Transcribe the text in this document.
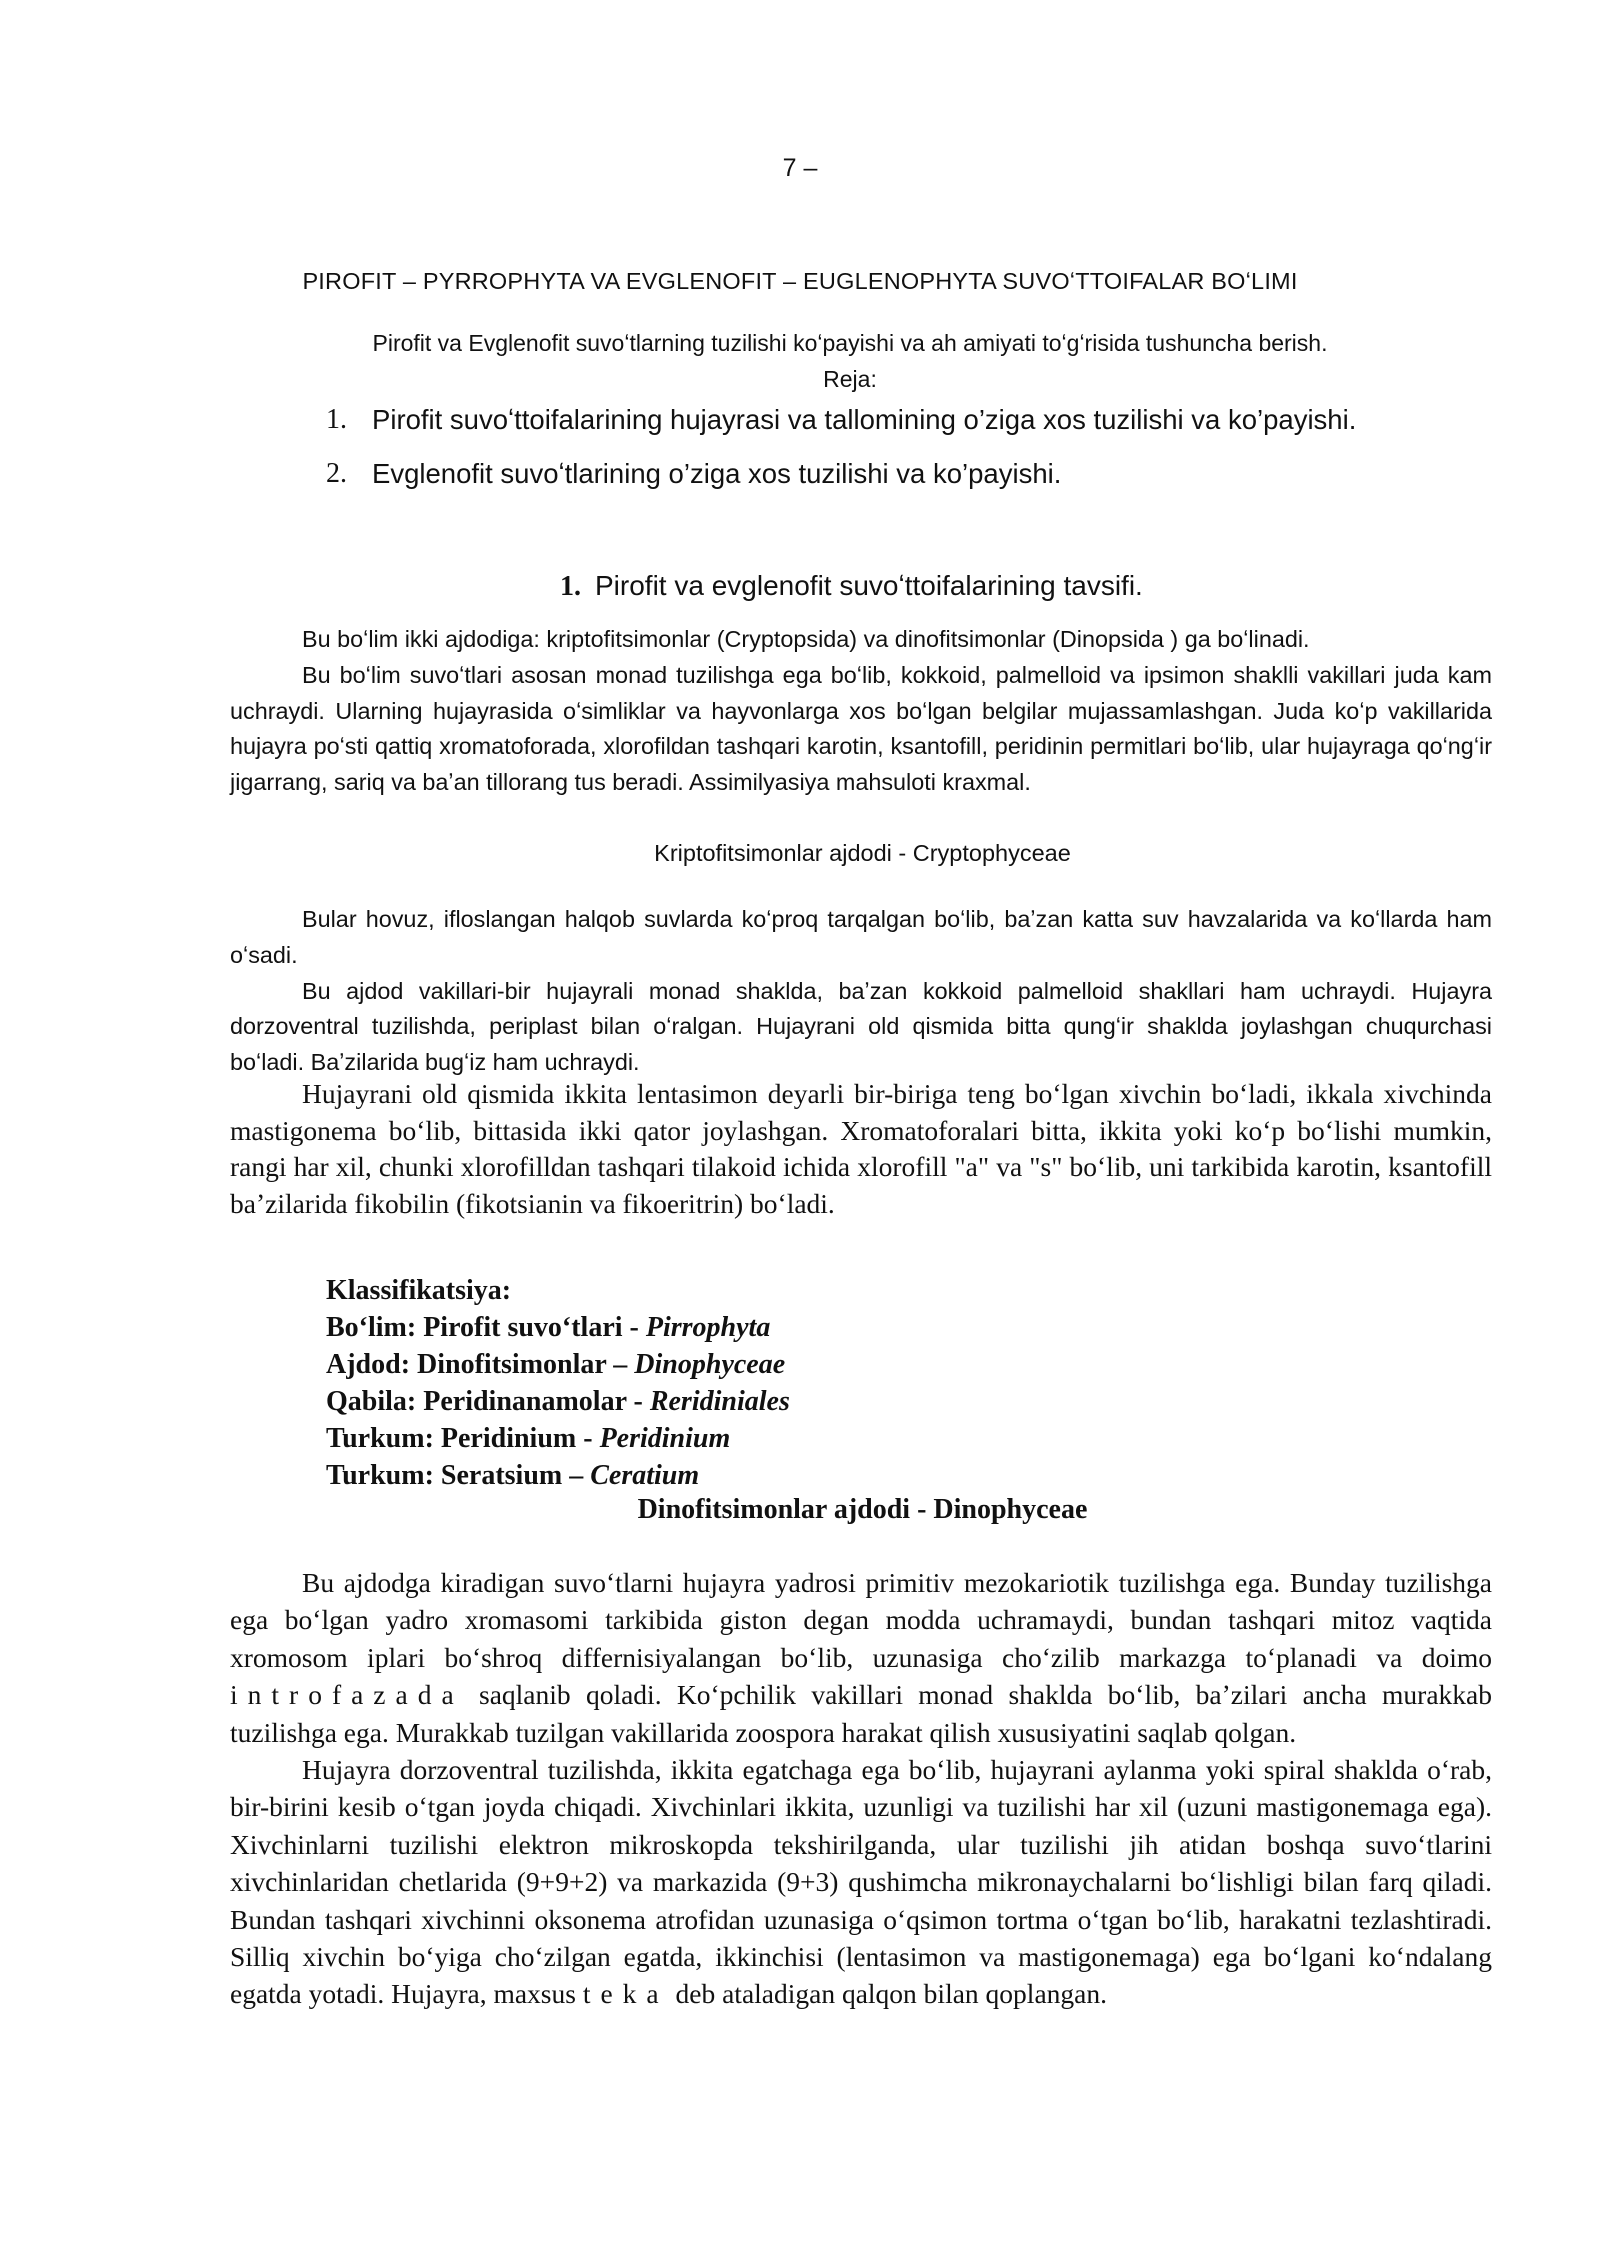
7 –
PIROFIT – PYRROPHYTA VA EVGLENOFIT – EUGLENOPHYTA SUVOʻTTOIFALAR BOʻLIMI
Pirofit va Evglenofit suvoʻtlarning tuzilishi koʻpayishi va ah amiyati toʻgʻrisida tushuncha berish.
Reja:
1. Pirofit suvoʻttoifalarining hujayrasi va tallomining o’ziga xos tuzilishi va ko’payishi.
2. Evglenofit suvoʻtlarining o’ziga xos tuzilishi va ko’payishi.
1. Pirofit va evglenofit suvoʻttoifalarining tavsifi.

Bu boʻlim ikki ajdodiga: kriptofitsimonlar (Cryptopsida) va dinofitsimonlar (Dinopsida ) ga boʻlinadi.

Bu boʻlim suvoʻtlari asosan monad tuzilishga ega boʻlib, kokkoid, palmelloid va ipsimon shaklli vakillari juda kam uchraydi. Ularning hujayrasida oʻsimliklar va hayvonlarga xos boʻlgan belgilar mujassamlashgan. Juda koʻp vakillarida hujayra poʻsti qattiq xromatoforada, xlorofildan tashqari karotin, ksantofill, peridinin permitlari boʻlib, ular hujayraga qoʻngʻir jigarrang, sariq va baʼan tillorang tus beradi. Assimilyasiya mahsuloti kraxmal.

Kriptofitsimonlar ajdodi - Cryptophyceae

Bular hovuz, ifloslangan halqob suvlarda koʻproq tarqalgan boʻlib, baʼzan katta suv havzalarida va koʻllarda ham oʻsadi.

Bu ajdod vakillari-bir hujayrali monad shaklda, baʼzan kokkoid palmelloid shakllari ham uchraydi. Hujayra dorzoventral tuzilishda, periplast bilan oʻralgan. Hujayrani old qismida bitta qungʻir shaklda joylashgan chuqurchasi boʻladi. Baʼzilarida bugʻiz ham uchraydi.

Hujayrani old qismida ikkita lentasimon deyarli bir-biriga teng boʻlgan xivchin boʻladi, ikkala xivchinda mastigonema boʻlib, bittasida ikki qator joylashgan. Xromatoforalari bitta, ikkita yoki koʻp boʻlishi mumkin, rangi har xil, chunki xlorofilldan tashqari tilakoid ichida xlorofill "a" va "s" boʻlib, uni tarkibida karotin, ksantofill baʼzilarida fikobilin (fikotsianin va fikoeritrin) boʻladi.

Klassifikatsiya:
Boʻlim: Pirofit suvoʻtlari - Pirrophyta
Ajdod: Dinofitsimonlar – Dinophyceae
Qabila: Peridinanamolar - Reridiniales
Turkum: Peridinium - Peridinium
Turkum: Seratsium – Ceratium
Dinofitsimonlar ajdodi - Dinophyceae

Bu ajdodga kiradigan suvoʻtlarni hujayra yadrosi primitiv mezokariotik tuzilishga ega. Bunday tuzilishga ega boʻlgan yadro xromasomi tarkibida giston degan modda uchramaydi, bundan tashqari mitoz vaqtida xromosom iplari boʻshroq differnisiyalangan boʻlib, uzunasiga choʻzilib markazga toʻplanadi va doimo introfazada saqlanib qoladi. Koʻpchilik vakillari monad shaklda boʻlib, baʼzilari ancha murakkab tuzilishga ega. Murakkab tuzilgan vakillarida zoospora harakat qilish xususiyatini saqlab qolgan.

Hujayra dorzoventral tuzilishda, ikkita egatchaga ega boʻlib, hujayrani aylanma yoki spiral shaklda oʻrab, bir-birini kesib oʻtgan joyda chiqadi. Xivchinlari ikkita, uzunligi va tuzilishi har xil (uzuni mastigonemaga ega). Xivchinlarni tuzilishi elektron mikroskopda tekshirilganda, ular tuzilishi jih atidan boshqa suvoʻtlarini xivchinlaridan chetlarida (9+9+2) va markazida (9+3) qushimcha mikronaychalarni boʻlishligi bilan farq qiladi. Bundan tashqari xivchinni oksonema atrofidan uzunasiga oʻqsimon tortma oʻtgan boʻlib, harakatni tezlashtiradi. Silliq xivchin boʻyiga choʻzilgan egatda, ikkinchisi (lentasimon va mastigonemaga) ega boʻlgani koʻndalang egatda yotadi. Hujayra, maxsus teka deb ataladigan qalqon bilan qoplangan.
